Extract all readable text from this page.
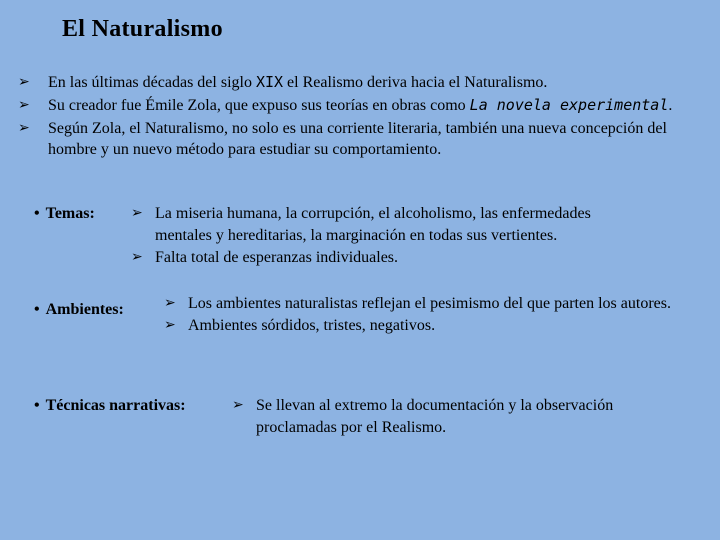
El Naturalismo
➢	En las últimas décadas del siglo XIX el Realismo deriva hacia el Naturalismo.
➢	Su creador fue Émile Zola, que expuso sus teorías en obras como La novela experimental.
➢	Según Zola, el Naturalismo, no solo es una corriente literaria, también una nueva concepción del hombre y un nuevo método para estudiar su comportamiento.
• Temas:	➢ La miseria humana, la corrupción, el alcoholismo, las enfermedades mentales y hereditarias, la marginación en todas sus vertientes.
➢ Falta total de esperanzas individuales.
• Ambientes:	➢ Los ambientes naturalistas reflejan el pesimismo del que parten los autores.
➢ Ambientes sórdidos, tristes, negativos.
• Técnicas narrativas:	➢ Se llevan al extremo la documentación y la observación proclamadas por el Realismo.
